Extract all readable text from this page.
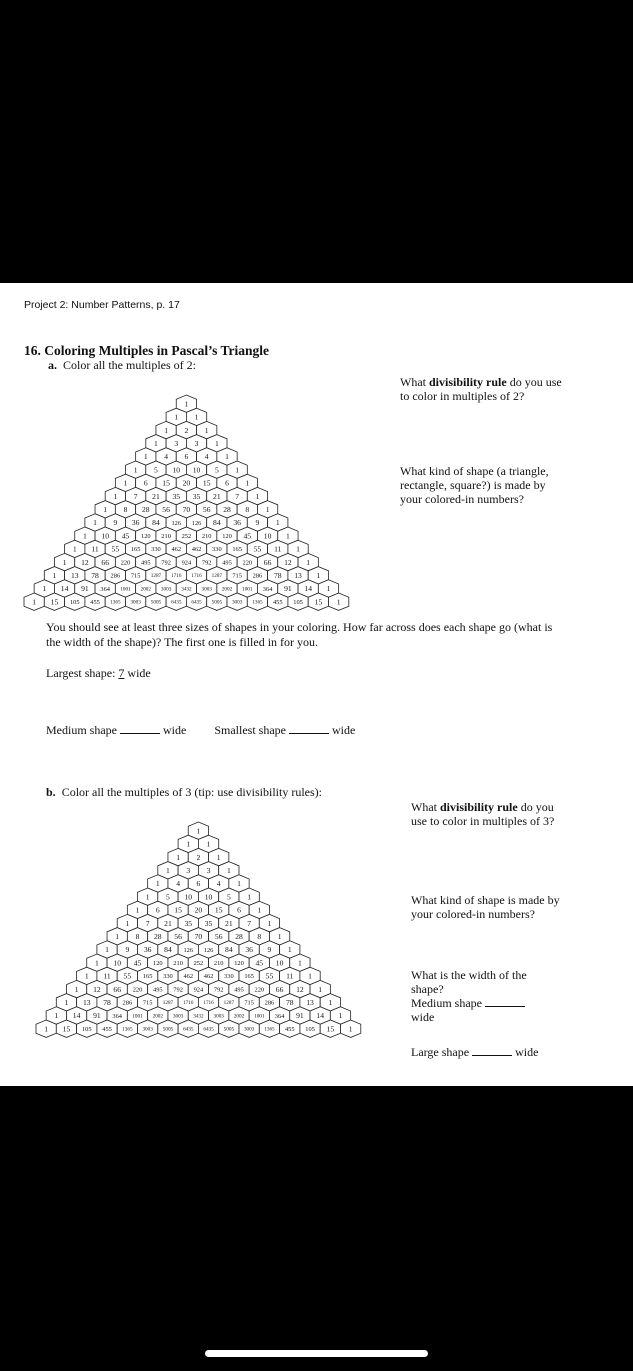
Project 2: Number Patterns, p. 17
16. Coloring Multiples in Pascal’s Triangle
a. Color all the multiples of 2:
1
1 1
1 2 1
1 3 3 1
1 4 6 4 1
1 5 10 10 5 1
1 6 15 20 15 6 1
1 7 21 35 35 21 7 1
1 8 28 56 70 56 28 8 1
1 9 36 84 126 126 84 36 9 1
1 10 45 120 210 252 210 120 45 10 1
1 11 55 165 330 462 462 330 165 55 11 1
1 12 66 220 495 792 924 792 495 220 66 12 1
1 13 78 286 715 1287 1716 1716 1287 715 286 78 13 1
1 14 91 364 1001 2002 3003 3432 3003 2002 1001 364 91 14 1
1 15 105 455 1365 3003 5005 6435 6435 5005 3003 1365 455 105 15 1
What divisibility rule do you use to color in multiples of 2?
What kind of shape (a triangle, rectangle, square?) is made by your colored-in numbers?
You should see at least three sizes of shapes in your coloring. How far across does each shape go (what is the width of the shape)? The first one is filled in for you.
Largest shape: 7 wide
Medium shape	wide Smallest shape	wide
b. Color all the multiples of 3 (tip: use divisibility rules):
1
1 1
1 2 1
1 3 3 1
1 4 6 4 1
1 5 10 10 5 1
1 6 15 20 15 6 1
1 7 21 35 35 21 7 1
1 8 28 56 70 56 28 8 1
1 9 36 84 126 126 84 36 9 1
1 10 45 120 210 252 210 120 45 10 1
1 11 55 165 330 462 462 330 165 55 11 1
1 12 66 220 495 792 924 792 495 220 66 12 1
1 13 78 286 715 1287 1716 1716 1287 715 286 78 13 1
1 14 91 364 1001 2002 3003 3432 3003 2002 1001 364 91 14 1
1 15 105 455 1365 3003 5005 6435 6435 5005 3003 1365 455 105 15 1
What divisibility rule do you use to color in multiples of 3?
What kind of shape is made by your colored-in numbers?
What is the width of the shape?
Medium shape
wide
Large shape	wide
